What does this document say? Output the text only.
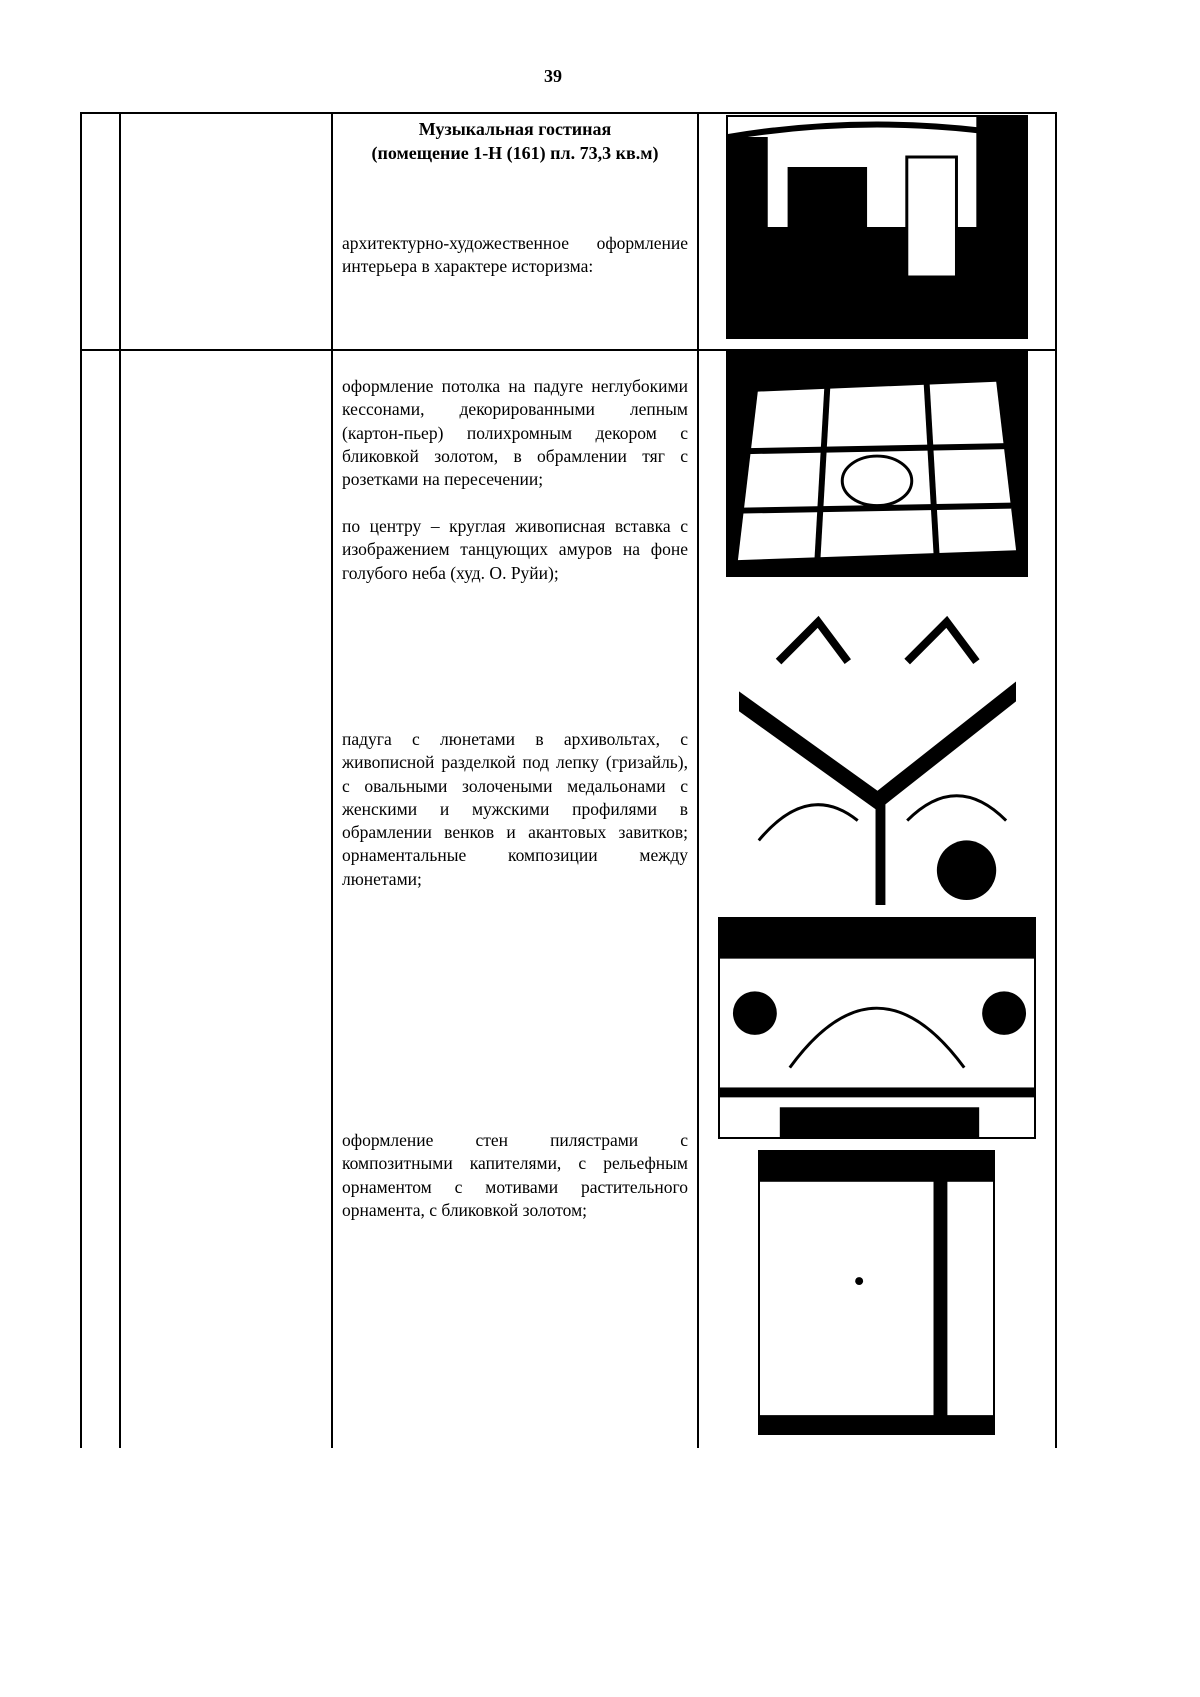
39
Музыкальная гостиная
(помещение 1-Н (161) пл. 73,3 кв.м)
архитектурно-художественное оформление интерьера в характере историзма:
оформление потолка на падуге неглубокими кессонами, декорированными лепным (картон-пьер) полихромным декором с бликовкой золотом, в обрамлении тяг с розетками на пересечении;
по центру – круглая живописная вставка с изображением танцующих амуров на фоне голубого неба (худ. О. Руйи);
падуга с люнетами в архивольтах, с живописной разделкой под лепку (гризайль), с овальными золочеными медальонами с женскими и мужскими профилями в обрамлении венков и акантовых завитков; орнаментальные композиции между люнетами;
оформление стен пилястрами с композитными капителями, с рельефным орнаментом с мотивами растительного орнамента, с бликовкой золотом;
